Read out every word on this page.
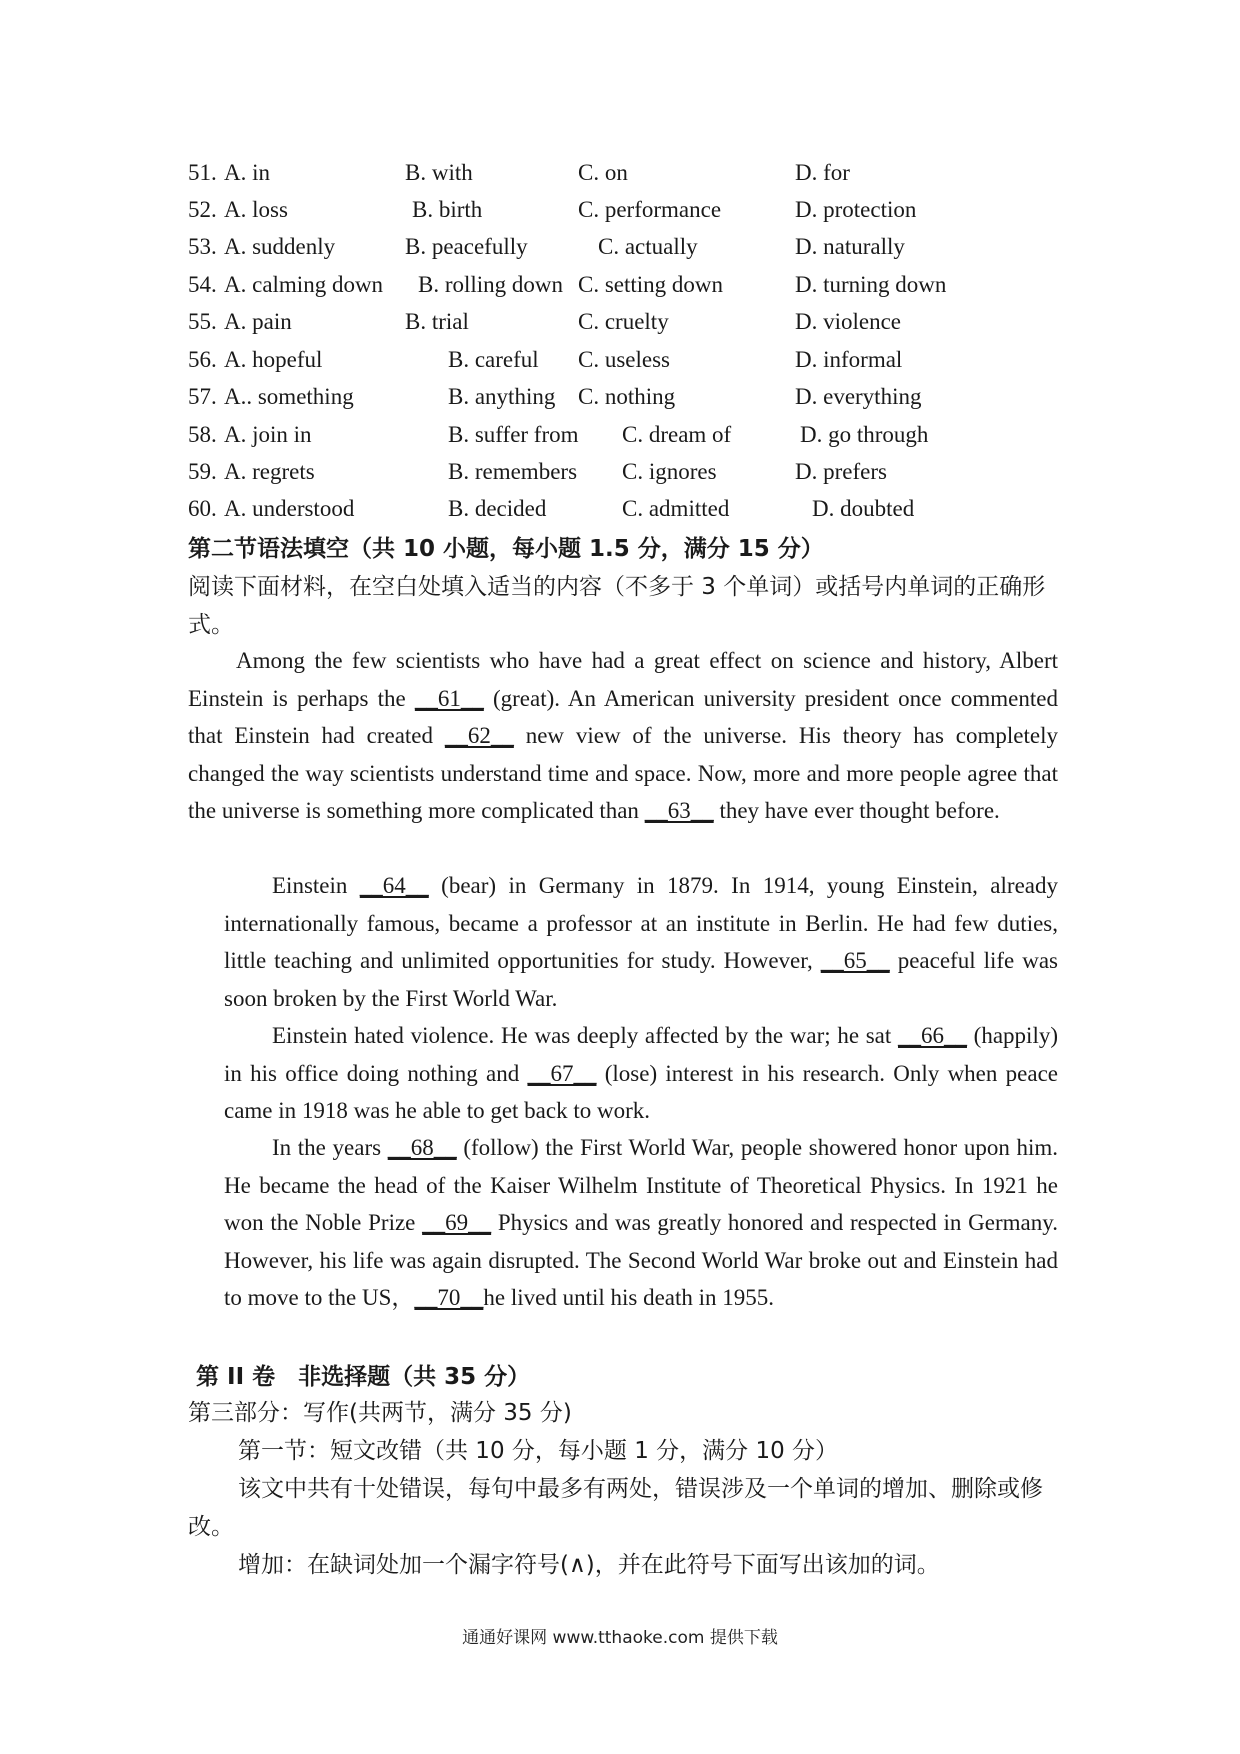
51. A. in	B. with	C. on	D. for
52. A. loss	B. birth	C. performance	D. protection
53. A. suddenly	B. peacefully	C. actually	D. naturally
54. A. calming down B. rolling down C. setting down	D. turning down
55. A. pain	B. trial	C. cruelty	D. violence
56. A. hopeful	B. careful C. useless	D. informal
57. A.. something	B. anything C. nothing	D. everything
58. A. join in	B. suffer from C. dream of	D. go through
59. A. regrets	B. remembers C. ignores	D. prefers
60. A. understood	B. decided	C. admitted	D. doubted
第二节语法填空（共 10 小题，每小题 1.5 分，满分 15 分）
阅读下面材料，在空白处填入适当的内容（不多于 3 个单词）或括号内单词的正确形式。
Among the few scientists who have had a great effect on science and history, Albert Einstein is perhaps the __61__ (great). An American university president once commented that Einstein had created __62__ new view of the universe. His theory has completely changed the way scientists understand time and space. Now, more and more people agree that the universe is something more complicated than __63__ they have ever thought before.
Einstein __64__ (bear) in Germany in 1879. In 1914, young Einstein, already internationally famous, became a professor at an institute in Berlin. He had few duties, little teaching and unlimited opportunities for study. However, __65__ peaceful life was soon broken by the First World War.
Einstein hated violence. He was deeply affected by the war; he sat __66__ (happily) in his office doing nothing and __67__ (lose) interest in his research. Only when peace came in 1918 was he able to get back to work.
In the years __68__ (follow) the First World War, people showered honor upon him. He became the head of the Kaiser Wilhelm Institute of Theoretical Physics. In 1921 he won the Noble Prize __69__ Physics and was greatly honored and respected in Germany. However, his life was again disrupted. The Second World War broke out and Einstein had to move to the US，__70__he lived until his death in 1955.
第 II 卷　非选择题（共 35 分）
第三部分：写作(共两节，满分 35 分)
第一节：短文改错（共 10 分，每小题 1 分，满分 10 分）
该文中共有十处错误，每句中最多有两处，错误涉及一个单词的增加、删除或修改。
增加：在缺词处加一个漏字符号(∧)，并在此符号下面写出该加的词。
通通好课网 www.tthaoke.com 提供下载
